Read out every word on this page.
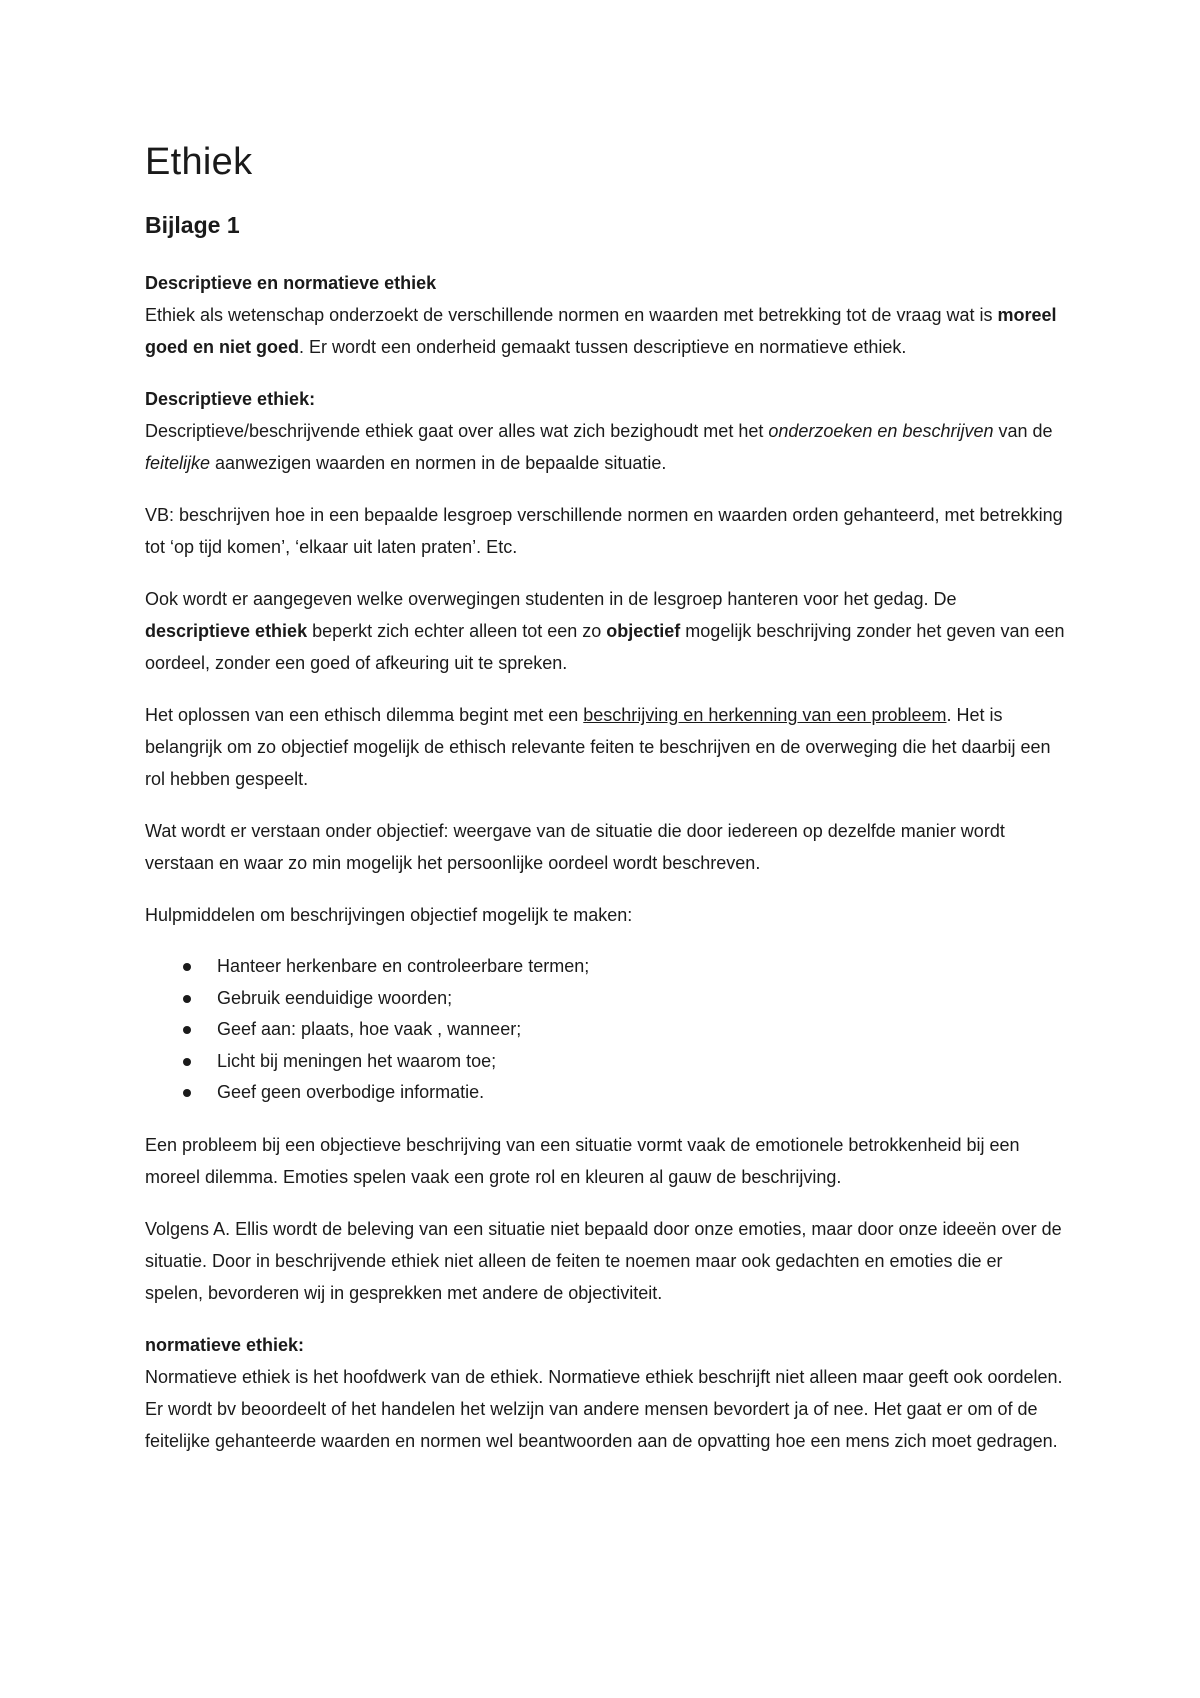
Ethiek
Bijlage 1

Descriptieve en normatieve ethiek
Ethiek als wetenschap onderzoekt de verschillende normen en waarden met betrekking tot de vraag wat is moreel goed en niet goed. Er wordt een onderheid gemaakt tussen descriptieve en normatieve ethiek.

Descriptieve ethiek:
Descriptieve/beschrijvende ethiek gaat over alles wat zich bezighoudt met het onderzoeken en beschrijven van de feitelijke aanwezigen waarden en normen in de bepaalde situatie.

VB: beschrijven hoe in een bepaalde lesgroep verschillende normen en waarden orden gehanteerd, met betrekking tot ‘op tijd komen’, ‘elkaar uit laten praten’. Etc.

Ook wordt er aangegeven welke overwegingen studenten in de lesgroep hanteren voor het gedag. De descriptieve ethiek beperkt zich echter alleen tot een zo objectief mogelijk beschrijving zonder het geven van een oordeel, zonder een goed of afkeuring uit te spreken.

Het oplossen van een ethisch dilemma begint met een beschrijving en herkenning van een probleem. Het is belangrijk om zo objectief mogelijk de ethisch relevante feiten te beschrijven en de overweging die het daarbij een rol hebben gespeelt.

Wat wordt er verstaan onder objectief: weergave van de situatie die door iedereen op dezelfde manier wordt verstaan en waar zo min mogelijk het persoonlijke oordeel wordt beschreven.

Hulpmiddelen om beschrijvingen objectief mogelijk te maken:

Hanteer herkenbare en controleerbare termen;
Gebruik eenduidige woorden;
Geef aan: plaats, hoe vaak , wanneer;
Licht bij meningen het waarom toe;
Geef geen overbodige informatie.

Een probleem bij een objectieve beschrijving van een situatie vormt vaak de emotionele betrokkenheid bij een moreel dilemma. Emoties spelen vaak een grote rol en kleuren al gauw de beschrijving.

Volgens A. Ellis wordt de beleving van een situatie niet bepaald door onze emoties, maar door onze ideeën over de situatie. Door in beschrijvende ethiek niet alleen de feiten te noemen maar ook gedachten en emoties die er spelen, bevorderen wij in gesprekken met andere de objectiviteit.

normatieve ethiek:
Normatieve ethiek is het hoofdwerk van de ethiek. Normatieve ethiek beschrijft niet alleen maar geeft ook oordelen. Er wordt bv beoordeelt of het handelen het welzijn van andere mensen bevordert ja of nee. Het gaat er om of de feitelijke gehanteerde waarden en normen wel beantwoorden aan de opvatting hoe een mens zich moet gedragen.
